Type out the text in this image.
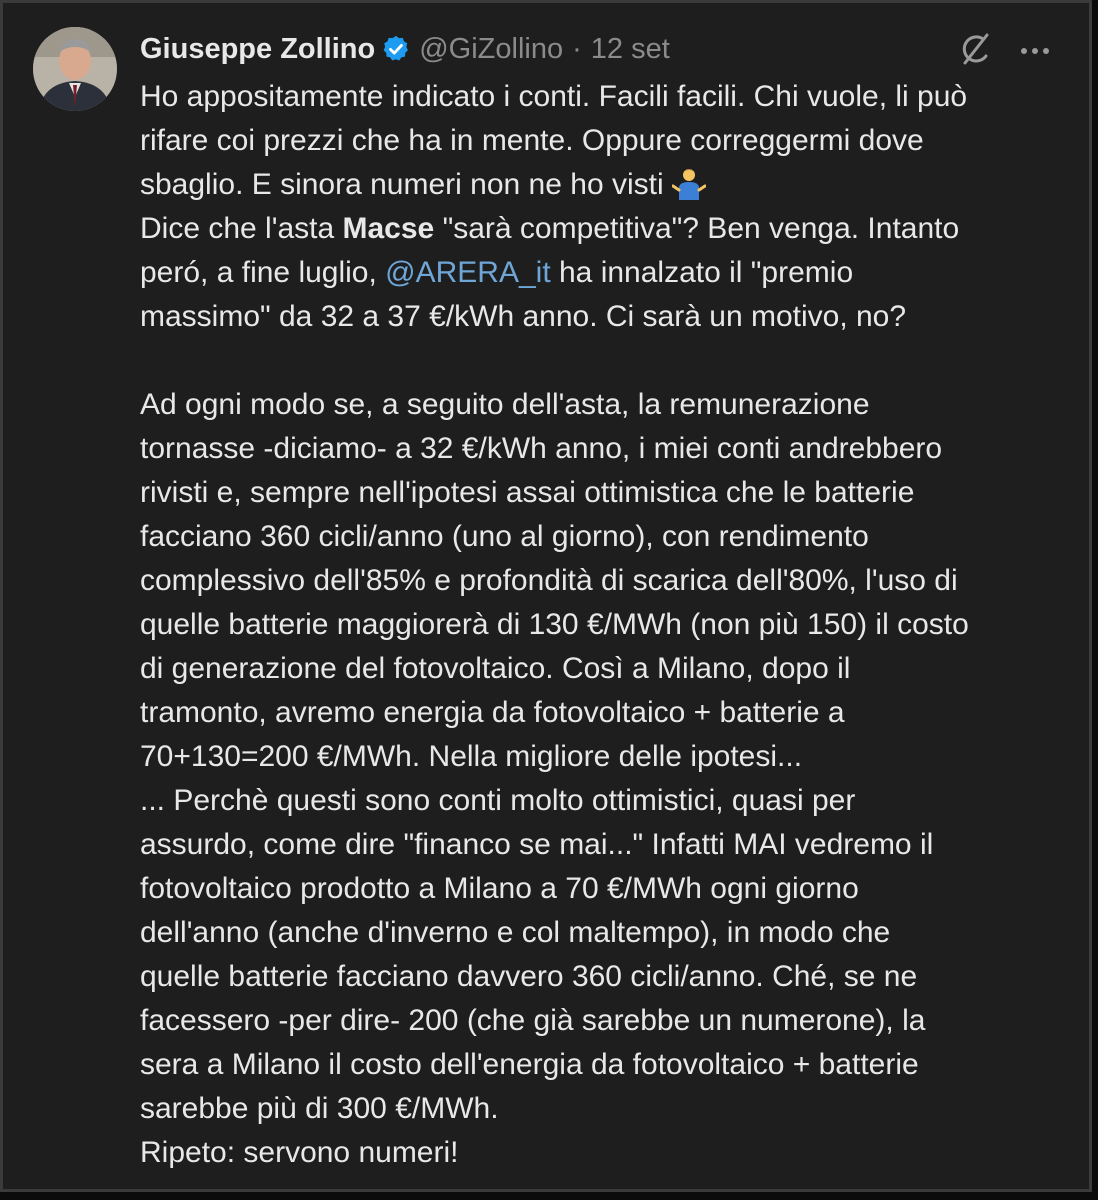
Giuseppe Zollino @GiZollino · 12 set

Ho appositamente indicato i conti. Facili facili. Chi vuole, li può

rifare coi prezzi che ha in mente. Oppure correggermi dove

sbaglio. E sinora numeri non ne ho visti

Dice che l'asta Macse "sarà competitiva"? Ben venga. Intanto

peró, a fine luglio, @ARERA_it ha innalzato il "premio

massimo" da 32 a 37 €/kWh anno. Ci sarà un motivo, no?

Ad ogni modo se, a seguito dell'asta, la remunerazione

tornasse -diciamo- a 32 €/kWh anno, i miei conti andrebbero

rivisti e, sempre nell'ipotesi assai ottimistica che le batterie

facciano 360 cicli/anno (uno al giorno), con rendimento

complessivo dell'85% e profondità di scarica dell'80%, l'uso di

quelle batterie maggiorerà di 130 €/MWh (non più 150) il costo

di generazione del fotovoltaico. Così a Milano, dopo il

tramonto, avremo energia da fotovoltaico + batterie a

70+130=200 €/MWh. Nella migliore delle ipotesi...

... Perchè questi sono conti molto ottimistici, quasi per

assurdo, come dire "financo se mai..." Infatti MAI vedremo il

fotovoltaico prodotto a Milano a 70 €/MWh ogni giorno

dell'anno (anche d'inverno e col maltempo), in modo che

quelle batterie facciano davvero 360 cicli/anno. Ché, se ne

facessero -per dire- 200 (che già sarebbe un numerone), la

sera a Milano il costo dell'energia da fotovoltaico + batterie

sarebbe più di 300 €/MWh.

Ripeto: servono numeri!
